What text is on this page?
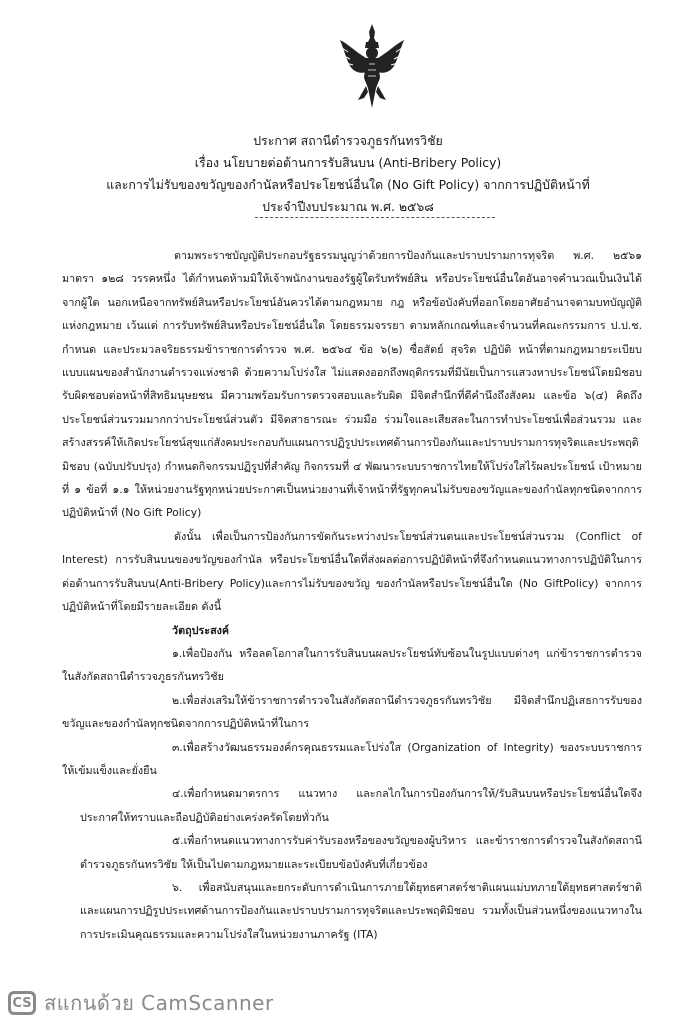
ประกาศ สถานีตำรวจภูธรกันทรวิชัย
เรื่อง นโยบายต่อต้านการรับสินบน (Anti-Bribery Policy)
และการไม่รับของขวัญของกำนัลหรือประโยชน์อื่นใด (No Gift Policy) จากการปฏิบัติหน้าที่
ประจำปีงบประมาณ พ.ศ. ๒๕๖๘

ตามพระราชบัญญัติประกอบรัฐธรรมนูญว่าด้วยการป้องกันและปราบปรามการทุจริต พ.ศ. ๒๕๖๑ มาตรา ๑๒๘ วรรคหนึ่ง ได้กำหนดห้ามมิให้เจ้าพนักงานของรัฐผู้ใดรับทรัพย์สิน หรือประโยชน์อื่นใดอันอาจคำนวณเป็นเงินได้จากผู้ใด นอกเหนือจากทรัพย์สินหรือประโยชน์อันควรได้ตามกฎหมาย กฎ หรือข้อบังคับที่ออกโดยอาศัยอำนาจตามบทบัญญัติแห่งกฎหมาย เว้นแต่ การรับทรัพย์สินหรือประโยชน์อื่นใด โดยธรรมจรรยา ตามหลักเกณฑ์และจำนวนที่คณะกรรมการ ป.ป.ช. กำหนด และประมวลจริยธรรมข้าราชการตำรวจ พ.ศ. ๒๕๖๔ ข้อ ๖(๒) ซื่อสัตย์ สุจริต ปฏิบัติ หน้าที่ตามกฎหมายระเบียบแบบแผนของสำนักงานตำรวจแห่งชาติ ด้วยความโปร่งใส ไม่แสดงออกถึงพฤติกรรมที่มีนัยเป็นการแสวงหาประโยชน์โดยมิชอบ รับผิดชอบต่อหน้าที่สิทธิมนุษยชน มีความพร้อมรับการตรวจสอบและรับผิด มีจิตสำนึกที่ดีคำนึงถึงสังคม และข้อ ๖(๔) คิดถึงประโยชน์ส่วนรวมมากกว่าประโยชน์ส่วนตัว มีจิตสาธารณะ ร่วมมือ ร่วมใจและเสียสละในการทำประโยชน์เพื่อส่วนรวม และสร้างสรรค์ให้เกิดประโยชน์สุขแก่สังคมประกอบกับแผนการปฏิรูปประเทศด้านการป้องกันและปราบปรามการทุจริตและประพฤติมิชอบ (ฉบับปรับปรุง) กำหนดกิจกรรมปฏิรูปที่สำคัญ กิจกรรมที่ ๔ พัฒนาระบบราชการไทยให้โปร่งใสไร้ผลประโยชน์ เป้าหมายที่ ๑ ข้อที่ ๑.๑ ให้หน่วยงานรัฐทุกหน่วยประกาศเป็นหน่วยงานที่เจ้าหน้าที่รัฐทุกคนไม่รับของขวัญและของกำนัลทุกชนิดจากการปฏิบัติหน้าที่ (No Gift Policy)

ดังนั้น เพื่อเป็นการป้องกันการขัดกันระหว่างประโยชน์ส่วนตนและประโยชน์ส่วนรวม (Conflict of Interest) การรับสินบนของขวัญของกำนัล หรือประโยชน์อื่นใดที่ส่งผลต่อการปฏิบัติหน้าที่จึงกำหนดแนวทางการปฏิบัติในการต่อต้านการรับสินบน(Anti-Bribery Policy)และการไม่รับของขวัญ ของกำนัลหรือประโยชน์อื่นใด (No GiftPolicy) จากการปฏิบัติหน้าที่โดยมีรายละเอียด ดังนี้

วัตถุประสงค์

๑.เพื่อป้องกัน หรือลดโอกาสในการรับสินบนผลประโยชน์ทับซ้อนในรูปแบบต่างๆ แก่ข้าราชการตำรวจในสังกัดสถานีตำรวจภูธรกันทรวิชัย

๒.เพื่อส่งเสริมให้ข้าราชการตำรวจในสังกัดสถานีตำรวจภูธรกันทรวิชัย มีจิตสำนึกปฏิเสธการรับของขวัญและของกำนัลทุกชนิดจากการปฏิบัติหน้าที่ในการ

๓.เพื่อสร้างวัฒนธรรมองค์กรคุณธรรมและโปร่งใส (Organization of Integrity) ของระบบราชการให้เข้มแข็งและยั่งยืน

๔.เพื่อกำหนดมาตรการ แนวทาง และกลไกในการป้องกันการให้/รับสินบนหรือประโยชน์อื่นใดจึงประกาศให้ทราบและถือปฏิบัติอย่างเคร่งครัดโดยทั่วกัน

๕.เพื่อกำหนดแนวทางการรับค่ารับรองหรือของขวัญของผู้บริหาร และข้าราชการตำรวจในสังกัดสถานีตำรวจภูธรกันทรวิชัย ให้เป็นไปตามกฎหมายและระเบียบข้อบังคับที่เกี่ยวข้อง

๖. เพื่อสนับสนุนและยกระดับการดำเนินการภายใต้ยุทธศาสตร์ชาติแผนแม่บทภายใต้ยุทธศาสตร์ชาติและแผนการปฏิรูปประเทศด้านการป้องกันและปราบปรามการทุจริตและประพฤติมิชอบ รวมทั้งเป็นส่วนหนึ่งของแนวทางในการประเมินคุณธรรมและความโปร่งใสในหน่วยงานภาครัฐ (ITA)

CS สแกนด้วย CamScanner
